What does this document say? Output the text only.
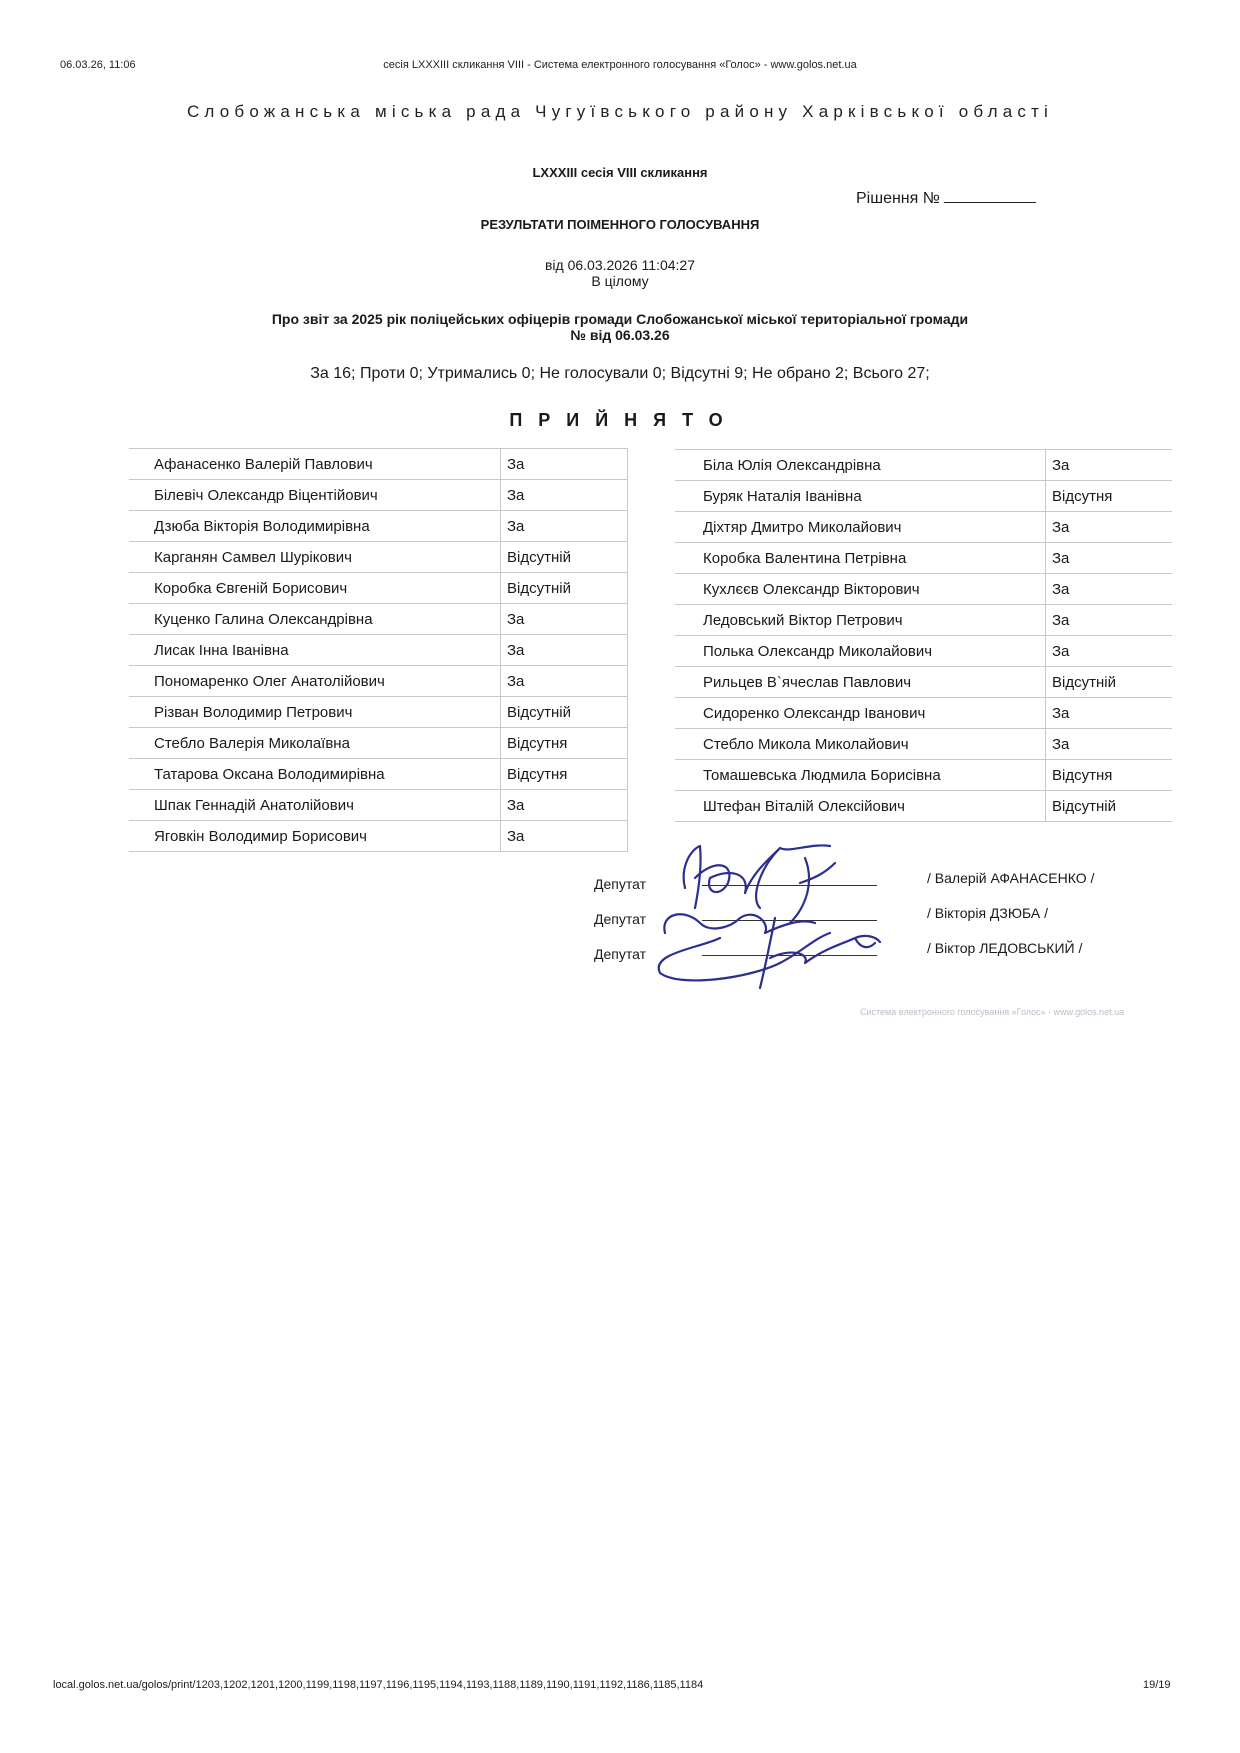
06.03.26, 11:06	сесія LXXXIII скликання VIII - Система електронного голосування «Голос» - www.golos.net.ua
Слобожанська міська рада Чугуївського району Харківської області
LXXXIII сесія VIII скликання
Рішення №
РЕЗУЛЬТАТИ ПОІМЕННОГО ГОЛОСУВАННЯ
від 06.03.2026 11:04:27
В цілому
Про звіт за 2025 рік поліцейських офіцерів громади Слобожанської міської територіальної громади
№ від 06.03.26
За 16; Проти 0; Утримались 0; Не голосували 0; Відсутні 9; Не обрано 2; Всього 27;
ПРИЙНЯТО
Афанасенко Валерій Павлович	За
Білевіч Олександр Віцентійович	За
Дзюба Вікторія Володимирівна	За
Карганян Самвел Шурікович	Відсутній
Коробка Євгеній Борисович	Відсутній
Куценко Галина Олександрівна	За
Лисак Інна Іванівна	За
Пономаренко Олег Анатолійович	За
Різван Володимир Петрович	Відсутній
Стебло Валерія Миколаївна	Відсутня
Татарова Оксана Володимирівна	Відсутня
Шпак Геннадій Анатолійович	За
Яговкін Володимир Борисович	За
Біла Юлія Олександрівна	За
Буряк Наталія Іванівна	Відсутня
Діхтяр Дмитро Миколайович	За
Коробка Валентина Петрівна	За
Кухлєєв Олександр Вікторович	За
Ледовський Віктор Петрович	За
Полька Олександр Миколайович	За
Рильцев В`ячеслав Павлович	Відсутній
Сидоренко Олександр Іванович	За
Стебло Микола Миколайович	За
Томашевська Людмила Борисівна	Відсутня
Штефан Віталій Олексійович	Відсутній
Депутат	/ Валерій АФАНАСЕНКО /
Депутат	/ Вікторія ДЗЮБА /
Депутат	/ Віктор ЛЕДОВСЬКИЙ /
Система електронного голосування «Голос» · www.golos.net.ua
local.golos.net.ua/golos/print/1203,1202,1201,1200,1199,1198,1197,1196,1195,1194,1193,1188,1189,1190,1191,1192,1186,1185,1184	19/19
